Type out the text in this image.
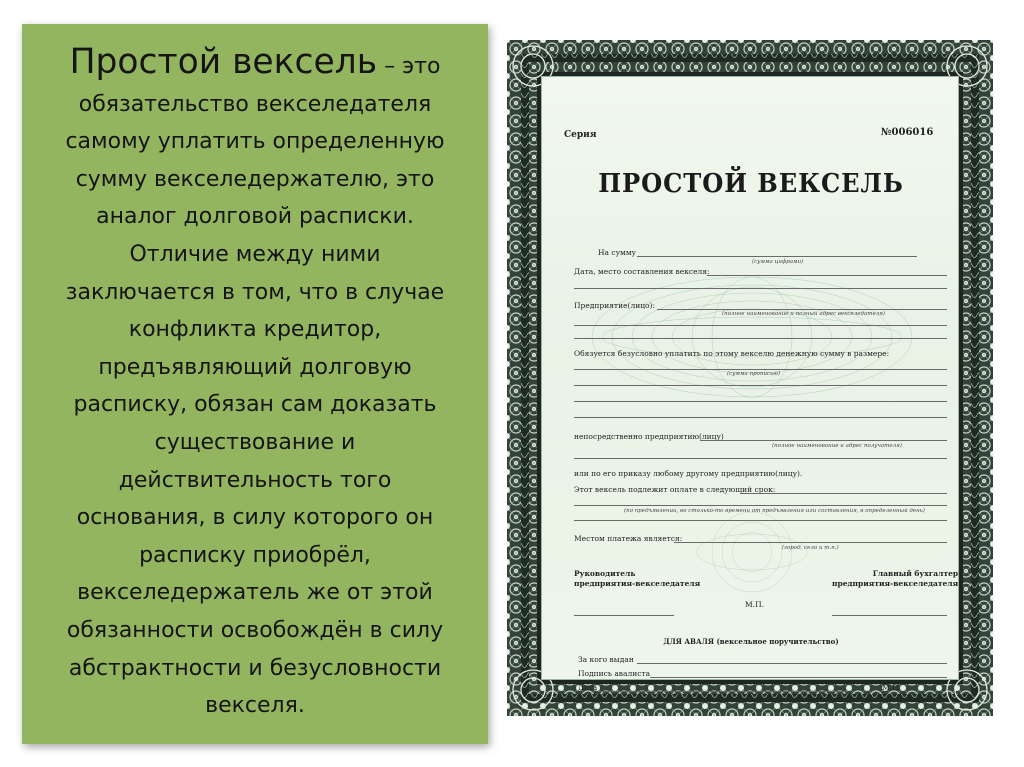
Простой вексель – это
обязательство векселедателя
самому уплатить определенную
сумму векселедержателю, это
аналог долговой расписки.
Отличие между ними
заключается в том, что в случае
конфликта кредитор,
предъявляющий долговую
расписку, обязан сам доказать
существование и
действительность того
основания, в силу которого он
расписку приобрёл,
векселедержатель же от этой
обязанности освобождён в силу
абстрактности и безусловности
векселя.
Серия	№006016
ПРОСТОЙ ВЕКСЕЛЬ
На сумму
(сумма цифрами)
Дата, место составления векселя:
Предприятие(лицо):
(полное наименование и полный адрес векселедателя)
Обязуется безусловно уплатить по этому векселю денежную сумму в размере:
(сумма прописью)
непосредственно предприятию(лицу)
(полное наименование и адрес получателя)
или по его приказу любому другому предприятию(лицу).
Этот вексель подлежит оплате в следующий срок:
(по предъявлении, во столько-то времени от предъявления или составления, в определенный день)
Местом платежа является:
(город, село и т.п.)
Руководитель
предприятия-векселедателя
Главный бухгалтер
предприятия-векселедателя
М.П.
ДЛЯ АВАЛЯ (вексельное поручительство)
За кого выдан
Подпись авалиста
Дата	М.П.
